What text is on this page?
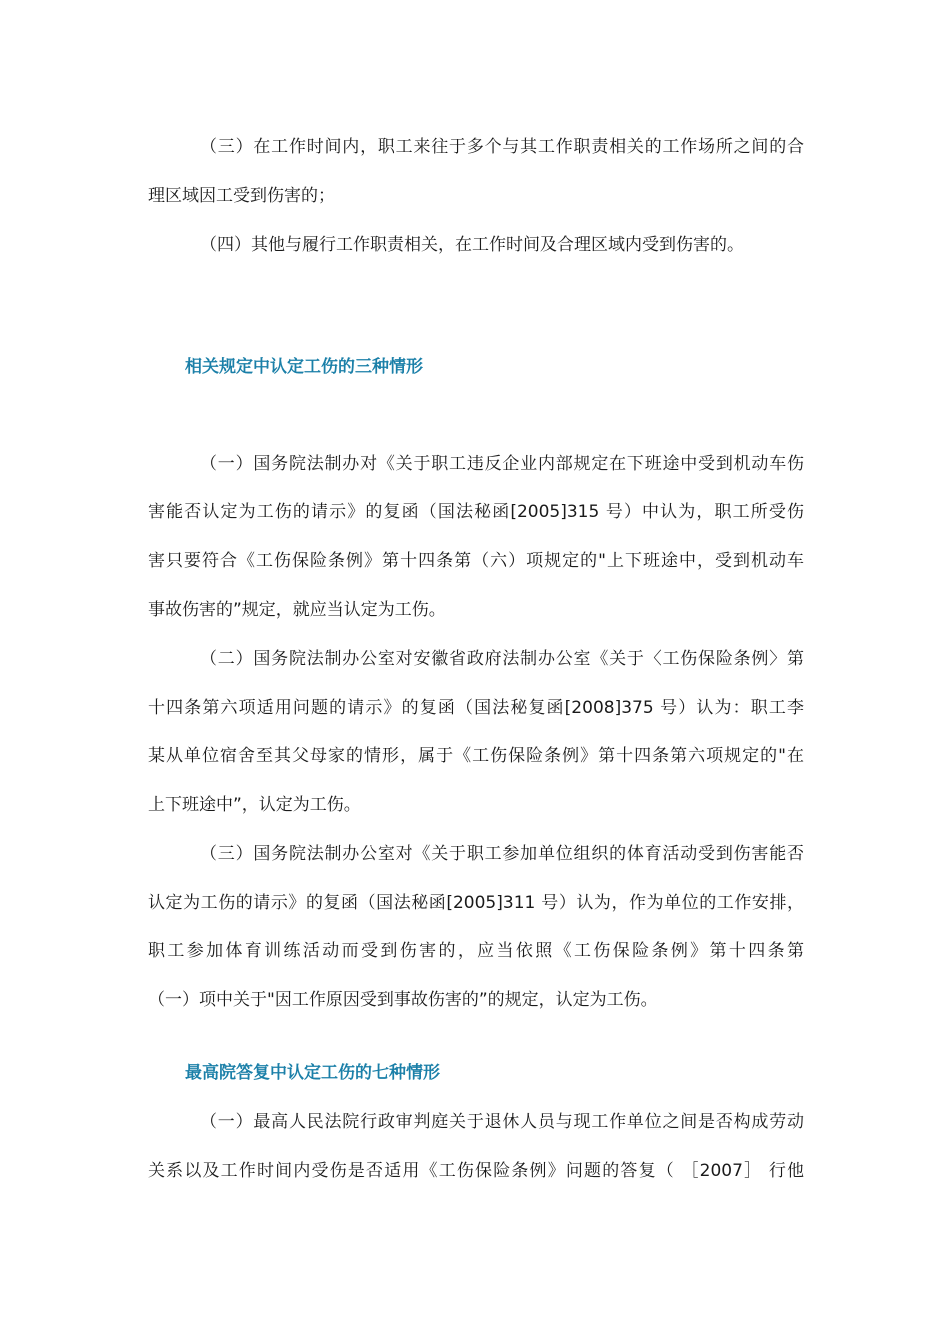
（三）在工作时间内，职工来往于多个与其工作职责相关的工作场所之间的合
理区域因工受到伤害的；
（四）其他与履行工作职责相关，在工作时间及合理区域内受到伤害的。
相关规定中认定工伤的三种情形
（一）国务院法制办对《关于职工违反企业内部规定在下班途中受到机动车伤
害能否认定为工伤的请示》的复函（国法秘函[2005]315 号）中认为，职工所受伤
害只要符合《工伤保险条例》第十四条第（六）项规定的"上下班途中，受到机动车
事故伤害的”规定，就应当认定为工伤。
（二）国务院法制办公室对安徽省政府法制办公室《关于〈工伤保险条例〉第
十四条第六项适用问题的请示》的复函（国法秘复函[2008]375 号）认为：职工李
某从单位宿舍至其父母家的情形，属于《工伤保险条例》第十四条第六项规定的"在
上下班途中”，认定为工伤。
（三）国务院法制办公室对《关于职工参加单位组织的体育活动受到伤害能否
认定为工伤的请示》的复函（国法秘函[2005]311 号）认为，作为单位的工作安排，
职工参加体育训练活动而受到伤害的，应当依照《工伤保险条例》第十四条第
（一）项中关于"因工作原因受到事故伤害的”的规定，认定为工伤。
最高院答复中认定工伤的七种情形
（一）最高人民法院行政审判庭关于退休人员与现工作单位之间是否构成劳动
关系以及工作时间内受伤是否适用《工伤保险条例》问题的答复（ ［2007］ 行他
